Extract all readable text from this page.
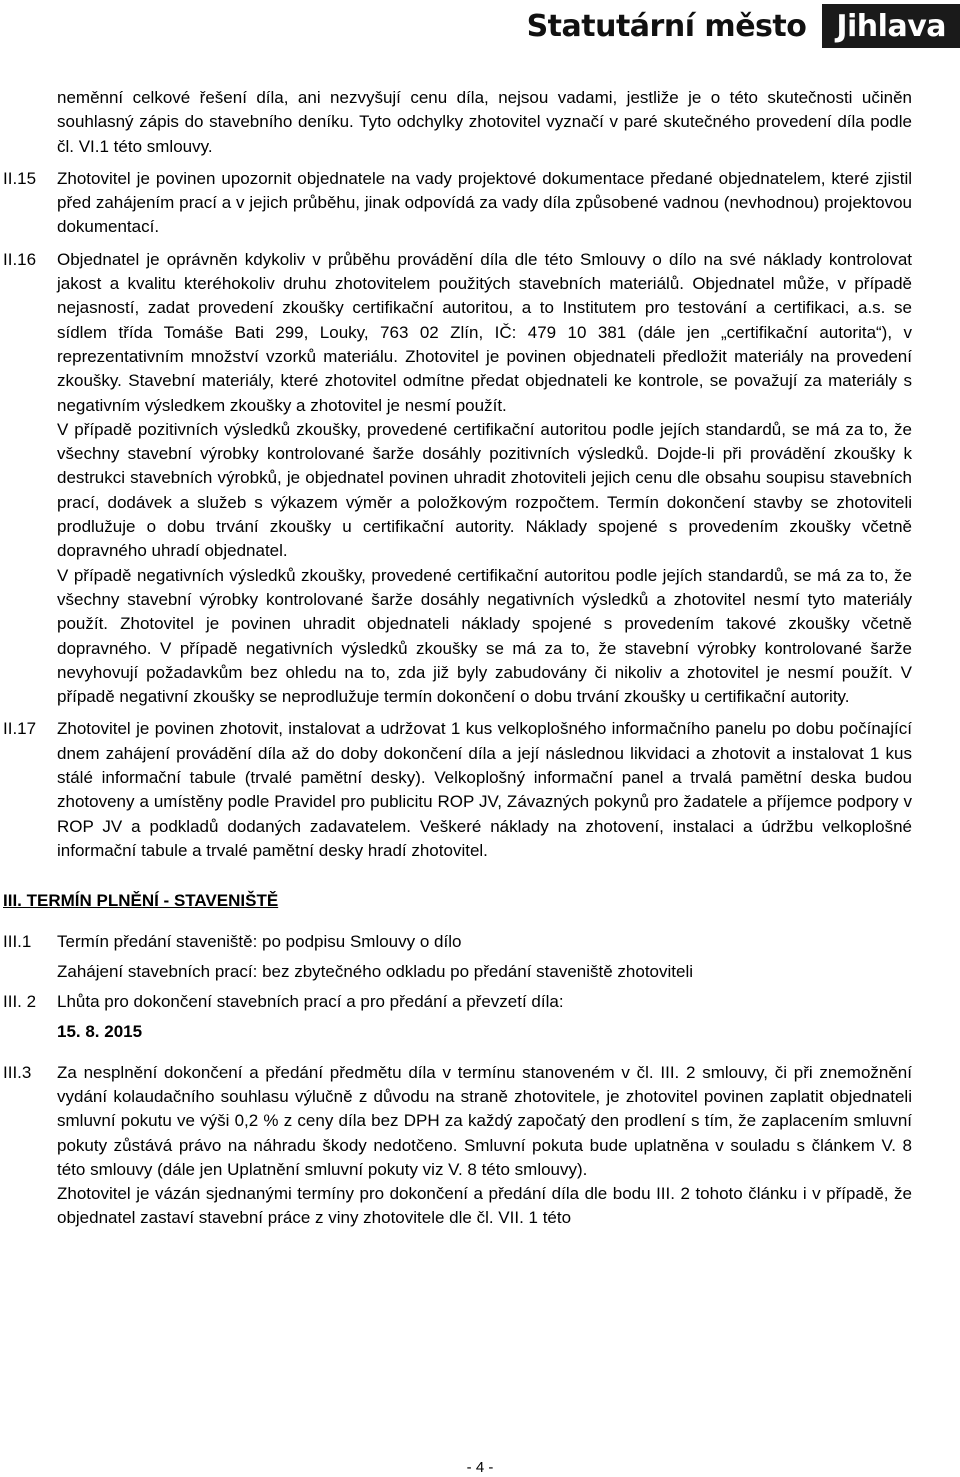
Statutární město	Jihlava

neměnní celkové řešení díla, ani nezvyšují cenu díla, nejsou vadami, jestliže je o této skutečnosti učiněn souhlasný zápis do stavebního deníku. Tyto odchylky zhotovitel vyznačí v paré skutečného provedení díla podle čl. VI.1 této smlouvy.

II.15	Zhotovitel je povinen upozornit objednatele na vady projektové dokumentace předané objednatelem, které zjistil před zahájením prací a v jejich průběhu, jinak odpovídá za vady díla způsobené vadnou (nevhodnou) projektovou dokumentací.

II.16	Objednatel je oprávněn kdykoliv v průběhu provádění díla dle této Smlouvy o dílo na své náklady kontrolovat jakost a kvalitu kteréhokoliv druhu zhotovitelem použitých stavebních materiálů. Objednatel může, v případě nejasností, zadat provedení zkoušky certifikační autoritou, a to Institutem pro testování a certifikaci, a.s. se sídlem třída Tomáše Bati 299, Louky, 763 02 Zlín, IČ: 479 10 381 (dále jen „certifikační autorita“), v reprezentativním množství vzorků materiálu. Zhotovitel je povinen objednateli předložit materiály na provedení zkoušky. Stavební materiály, které zhotovitel odmítne předat objednateli ke kontrole, se považují za materiály s negativním výsledkem zkoušky a zhotovitel je nesmí použít.

V případě pozitivních výsledků zkoušky, provedené certifikační autoritou podle jejích standardů, se má za to, že všechny stavební výrobky kontrolované šarže dosáhly pozitivních výsledků. Dojde-li při provádění zkoušky k destrukci stavebních výrobků, je objednatel povinen uhradit zhotoviteli jejich cenu dle obsahu soupisu stavebních prací, dodávek a služeb s výkazem výměr a položkovým rozpočtem. Termín dokončení stavby se zhotoviteli prodlužuje o dobu trvání zkoušky u certifikační autority. Náklady spojené s provedením zkoušky včetně dopravného uhradí objednatel.

V případě negativních výsledků zkoušky, provedené certifikační autoritou podle jejích standardů, se má za to, že všechny stavební výrobky kontrolované šarže dosáhly negativních výsledků a zhotovitel nesmí tyto materiály použít. Zhotovitel je povinen uhradit objednateli náklady spojené s provedením takové zkoušky včetně dopravného. V případě negativních výsledků zkoušky se má za to, že stavební výrobky kontrolované šarže nevyhovují požadavkům bez ohledu na to, zda již byly zabudovány či nikoliv a zhotovitel je nesmí použít. V případě negativní zkoušky se neprodlužuje termín dokončení o dobu trvání zkoušky u certifikační autority.

II.17	Zhotovitel je povinen zhotovit, instalovat a udržovat 1 kus velkoplošného informačního panelu po dobu počínající dnem zahájení provádění díla až do doby dokončení díla a její následnou likvidaci a zhotovit a instalovat 1 kus stálé informační tabule (trvalé pamětní desky). Velkoplošný informační panel a trvalá pamětní deska budou zhotoveny a umístěny podle Pravidel pro publicitu ROP JV, Závazných pokynů pro žadatele a příjemce podpory v ROP JV a podkladů dodaných zadavatelem. Veškeré náklady na zhotovení, instalaci a údržbu velkoplošné informační tabule a trvalé pamětní desky hradí zhotovitel.

III. TERMÍN PLNĚNÍ - STAVENIŠTĚ
III.1	Termín předání staveniště: po podpisu Smlouvy o dílo

Zahájení stavebních prací: bez zbytečného odkladu po předání staveniště zhotoviteli

III. 2	Lhůta pro dokončení stavebních prací a pro předání a převzetí díla:

15. 8. 2015

III.3	Za nesplnění dokončení a předání předmětu díla v termínu stanoveném v čl. III. 2 smlouvy, či při znemožnění vydání kolaudačního souhlasu výlučně z důvodu na straně zhotovitele, je zhotovitel povinen zaplatit objednateli smluvní pokutu ve výši 0,2 % z ceny díla bez DPH za každý započatý den prodlení s tím, že zaplacením smluvní pokuty zůstává právo na náhradu škody nedotčeno. Smluvní pokuta bude uplatněna v souladu s článkem V. 8 této smlouvy (dále jen Uplatnění smluvní pokuty viz V. 8 této smlouvy).

Zhotovitel je vázán sjednanými termíny pro dokončení a předání díla dle bodu III. 2 tohoto článku i v případě, že objednatel zastaví stavební práce z viny zhotovitele dle čl. VII. 1 této

- 4 -
